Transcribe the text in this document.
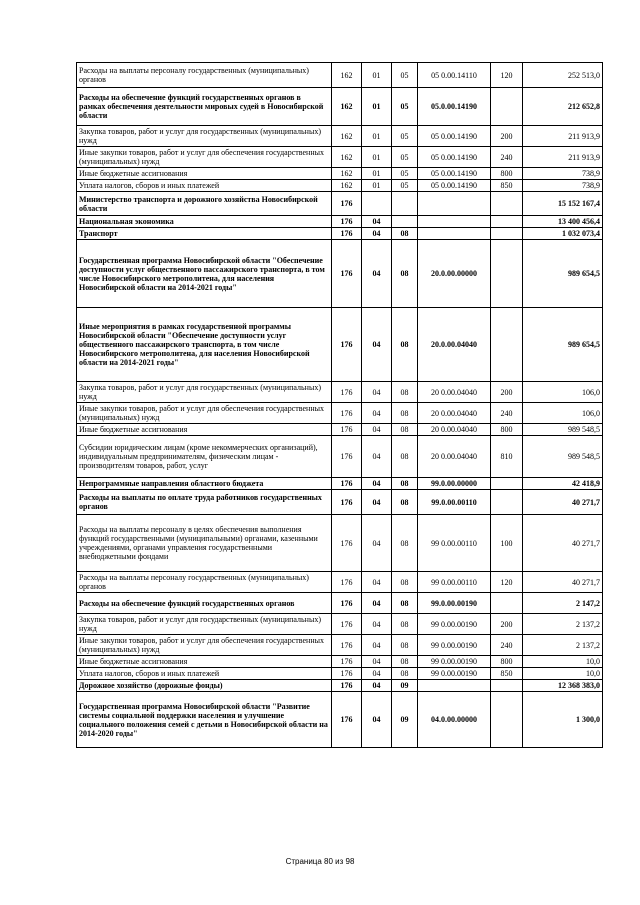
Расходы на выплаты персоналу государственных (муниципальных) органов	162	01	05	05 0.00.14110	120	252 513,0
Расходы на обеспечение функций государственных органов в рамках обеспечения деятельности мировых судей в Новосибирской области	162	01	05	05.0.00.14190		212 652,8
Закупка товаров, работ и услуг для государственных (муниципальных) нужд	162	01	05	05 0.00.14190	200	211 913,9
Иные закупки товаров, работ и услуг для обеспечения государственных (муниципальных) нужд	162	01	05	05 0.00.14190	240	211 913,9
Иные бюджетные ассигнования	162	01	05	05 0.00.14190	800	738,9
Уплата налогов, сборов и иных платежей	162	01	05	05 0.00.14190	850	738,9
Министерство транспорта и дорожного хозяйства Новосибирской области	176					15 152 167,4
Национальная экономика	176	04				13 400 456,4
Транспорт	176	04	08			1 032 073,4
Государственная программа Новосибирской области "Обеспечение доступности услуг общественного пассажирского транспорта, в том числе Новосибирского метрополитена, для населения Новосибирской области на 2014-2021 годы"	176	04	08	20.0.00.00000		989 654,5
Иные мероприятия в рамках государственной программы Новосибирской области "Обеспечение доступности услуг общественного пассажирского транспорта, в том числе Новосибирского метрополитена, для населения Новосибирской области на 2014-2021 годы"	176	04	08	20.0.00.04040		989 654,5
Закупка товаров, работ и услуг для государственных (муниципальных) нужд	176	04	08	20 0.00.04040	200	106,0
Иные закупки товаров, работ и услуг для обеспечения государственных (муниципальных) нужд	176	04	08	20 0.00.04040	240	106,0
Иные бюджетные ассигнования	176	04	08	20 0.00.04040	800	989 548,5
Субсидии юридическим лицам (кроме некоммерческих организаций), индивидуальным предпринимателям, физическим лицам - производителям товаров, работ, услуг	176	04	08	20 0.00.04040	810	989 548,5
Непрограммные направления областного бюджета	176	04	08	99.0.00.00000		42 418,9
Расходы на выплаты по оплате труда работников государственных органов	176	04	08	99.0.00.00110		40 271,7
Расходы на выплаты персоналу в целях обеспечения выполнения функций государственными (муниципальными) органами, казенными учреждениями, органами управления государственными внебюджетными фондами	176	04	08	99 0.00.00110	100	40 271,7
Расходы на выплаты персоналу государственных (муниципальных) органов	176	04	08	99 0.00.00110	120	40 271,7
Расходы на обеспечение функций государственных органов	176	04	08	99.0.00.00190		2 147,2
Закупка товаров, работ и услуг для государственных (муниципальных) нужд	176	04	08	99 0.00.00190	200	2 137,2
Иные закупки товаров, работ и услуг для обеспечения государственных (муниципальных) нужд	176	04	08	99 0.00.00190	240	2 137,2
Иные бюджетные ассигнования	176	04	08	99 0.00.00190	800	10,0
Уплата налогов, сборов и иных платежей	176	04	08	99 0.00.00190	850	10,0
Дорожное хозяйство (дорожные фонды)	176	04	09			12 368 383,0
Государственная программа Новосибирской области "Развитие системы социальной поддержки населения и улучшение социального положения семей с детьми в Новосибирской области на 2014-2020 годы"	176	04	09	04.0.00.00000		1 300,0
Страница 80 из 98
